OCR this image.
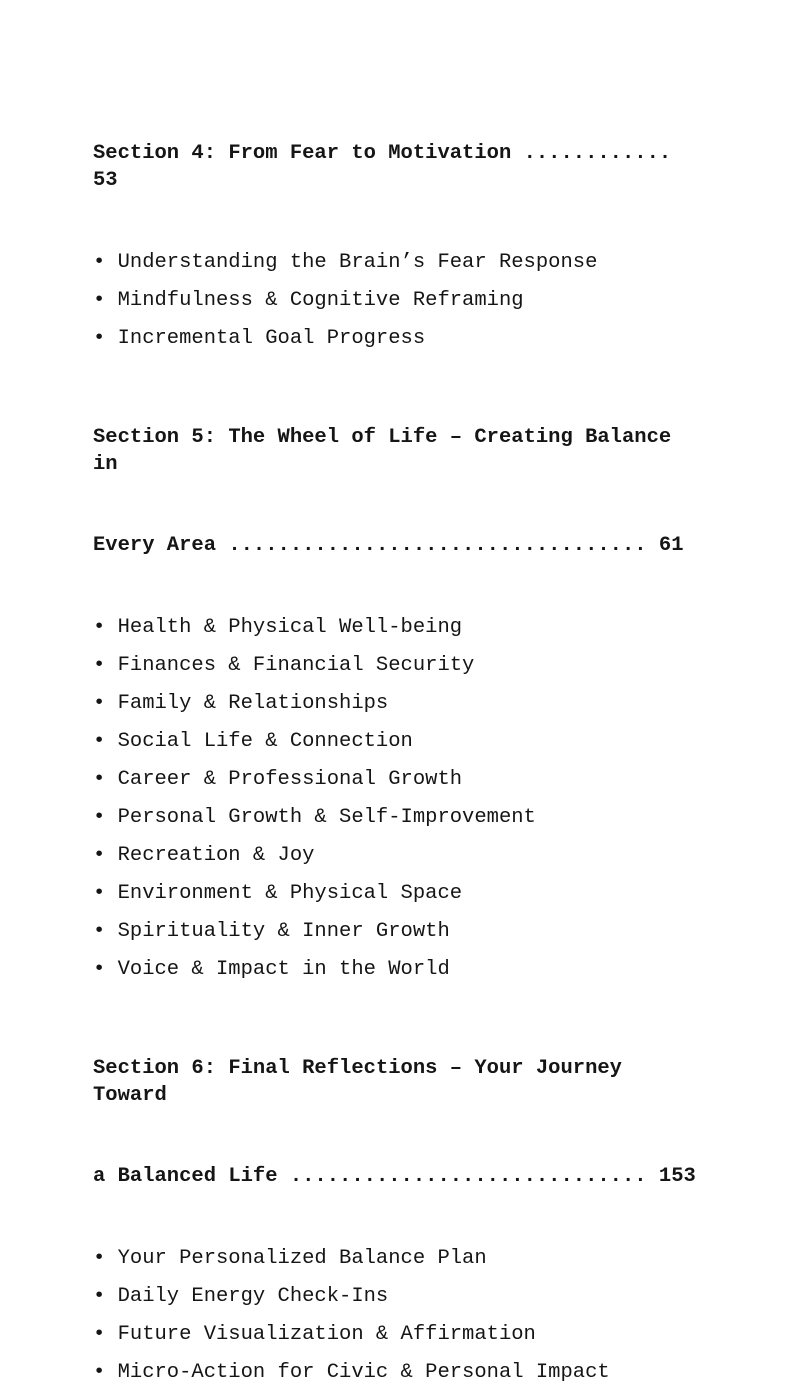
Section 4: From Fear to Motivation ............ 53

•
Understanding the Brain’s Fear Response
•
Mindfulness & Cognitive Reframing
•
Incremental Goal Progress

Section 5: The Wheel of Life – Creating Balance in

Every Area .................................. 61

•
Health & Physical Well-being
•
Finances & Financial Security
•
Family & Relationships
•
Social Life & Connection
•
Career & Professional Growth
•
Personal Growth & Self-Improvement
•
Recreation & Joy
•
Environment & Physical Space
•
Spirituality & Inner Growth
•
Voice & Impact in the World

Section 6: Final Reflections – Your Journey Toward

a Balanced Life ............................. 153

•
Your Personalized Balance Plan
•
Daily Energy Check-Ins
•
Future Visualization & Affirmation
•
Micro-Action for Civic & Personal Impact
